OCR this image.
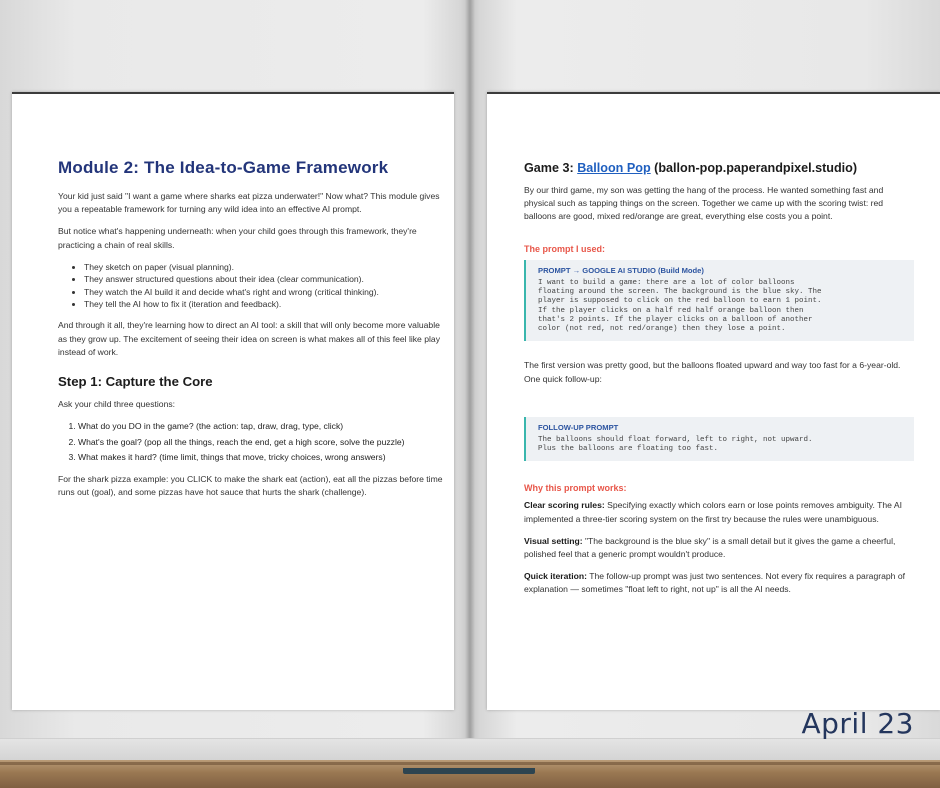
Module 2: The Idea-to-Game Framework

Your kid just said "I want a game where sharks eat pizza underwater!" Now what? This module gives you a repeatable framework for turning any wild idea into an effective AI prompt.

But notice what's happening underneath: when your child goes through this framework, they're practicing a chain of real skills.

• They sketch on paper (visual planning).
• They answer structured questions about their idea (clear communication).
• They watch the AI build it and decide what's right and wrong (critical thinking).
• They tell the AI how to fix it (iteration and feedback).

And through it all, they're learning how to direct an AI tool: a skill that will only become more valuable as they grow up. The excitement of seeing their idea on screen is what makes all of this feel like play instead of work.

Step 1: Capture the Core

Ask your child three questions:

1. What do you DO in the game? (the action: tap, draw, drag, type, click)
2. What's the goal? (pop all the things, reach the end, get a high score, solve the puzzle)
3. What makes it hard? (time limit, things that move, tricky choices, wrong answers)

For the shark pizza example: you CLICK to make the shark eat (action), eat all the pizzas before time runs out (goal), and some pizzas have hot sauce that hurts the shark (challenge).

Game 3: Balloon Pop (ballon-pop.paperandpixel.studio)

By our third game, my son was getting the hang of the process. He wanted something fast and physical such as tapping things on the screen. Together we came up with the scoring twist: red balloons are good, mixed red/orange are great, everything else costs you a point.

The prompt I used:
PROMPT → GOOGLE AI STUDIO (Build Mode)
I want to build a game: there are a lot of color balloons
floating around the screen. The background is the blue sky. The
player is supposed to click on the red balloon to earn 1 point.
If the player clicks on a half red half orange balloon then
that's 2 points. If the player clicks on a balloon of another
color (not red, not red/orange) then they lose a point.

The first version was pretty good, but the balloons floated upward and way too fast for a 6-year-old. One quick follow-up:

FOLLOW-UP PROMPT
The balloons should float forward, left to right, not upward.
Plus the balloons are floating too fast.
Why this prompt works:

Clear scoring rules: Specifying exactly which colors earn or lose points removes ambiguity. The AI implemented a three-tier scoring system on the first try because the rules were unambiguous.

Visual setting: "The background is the blue sky" is a small detail but it gives the game a cheerful, polished feel that a generic prompt wouldn't produce.

Quick iteration: The follow-up prompt was just two sentences. Not every fix requires a paragraph of explanation — sometimes "float left to right, not up" is all the AI needs.

April 23
